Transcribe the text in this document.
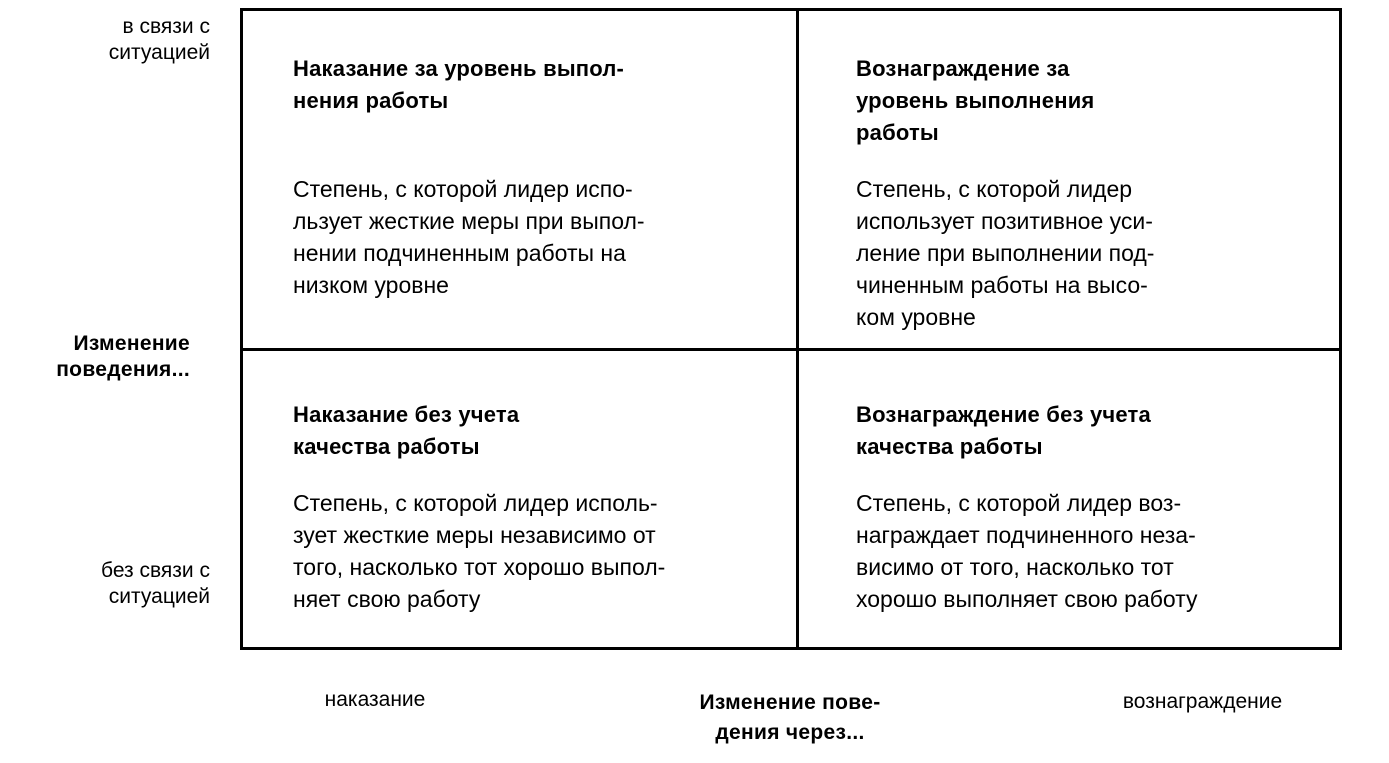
в связи с
ситуацией
Изменение
поведения...
без связи с
ситуацией
Наказание за уровень выпол-
нения работы
Степень, с которой лидер испо-
льзует жесткие меры при выпол-
нении подчиненным работы на
низком уровне
Вознаграждение за
уровень выполнения
работы
Степень, с которой лидер
использует позитивное уси-
ление при выполнении под-
чиненным работы на высо-
ком уровне
Наказание без учета
качества работы
Степень, с которой лидер исполь-
зует жесткие меры независимо от
того, насколько тот хорошо выпол-
няет свою работу
Вознаграждение без учета
качества работы
Степень, с которой лидер воз-
награждает подчиненного неза-
висимо от того, насколько тот
хорошо выполняет свою работу
наказание	Изменение пове-
дения через...
вознаграждение
